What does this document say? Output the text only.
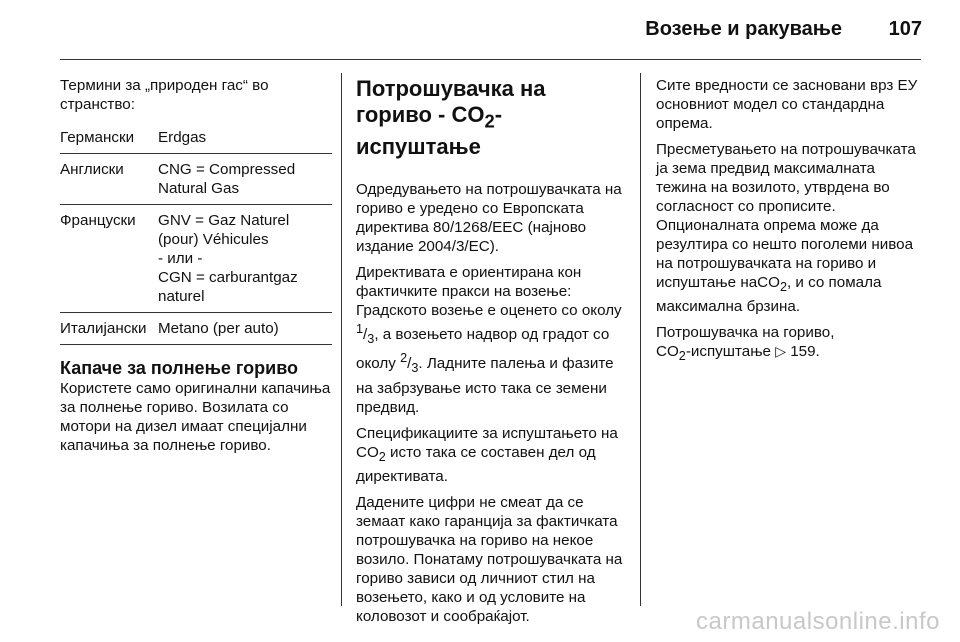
Возење и ракување 107

Термини за „природен гас“ во странство:

Германски	Erdgas
Англиски	CNG = Compressed Natural Gas
Француски	GNV = Gaz Naturel (pour) Véhicules
- или -
CGN = carburantgaz naturel
Италијански	Metano (per auto)

Капаче за полнење гориво

Користете само оригинални капачиња за полнење гориво. Возилата со мотори на дизел имаат специјални капачиња за полнење гориво.

Потрошувачка на гориво - $CO_2$-испуштање

Одредувањето на потрошувачката на гориво е уредено со Европската директива 80/1268/EEC (најново издание 2004/3/EC).

Директивата е ориентирана кон фактичките пракси на возење: Градското возење е оценето со околу $^1/_3$, а возењето надвор од градот со околу $^2/_3$. Ладните палења и фазите на забрзување исто така се земени предвид.

Спецификациите за испуштањето на $CO_2$ исто така се составен дел од директивата.

Дадените цифри не смеат да се земаат како гаранција за фактичката потрошувачка на гориво на некое возило. Понатаму потрошувачката на гориво зависи од личниот стил на возењето, како и од условите на коловозот и сообраќајот.

Сите вредности се засновани врз ЕУ основниот модел со стандардна опрема.

Пресметувањето на потрошувачката ја зема предвид максималната тежина на возилото, утврдена во согласност со прописите. Опционалната опрема може да резултира со нешто поголеми нивоа на потрошувачката на гориво и испуштање наCO$_2$, и со помала максимална брзина.

Потрошувачка на гориво,
$CO_2$-испуштање ▷ 159.

carmanualsonline.info
